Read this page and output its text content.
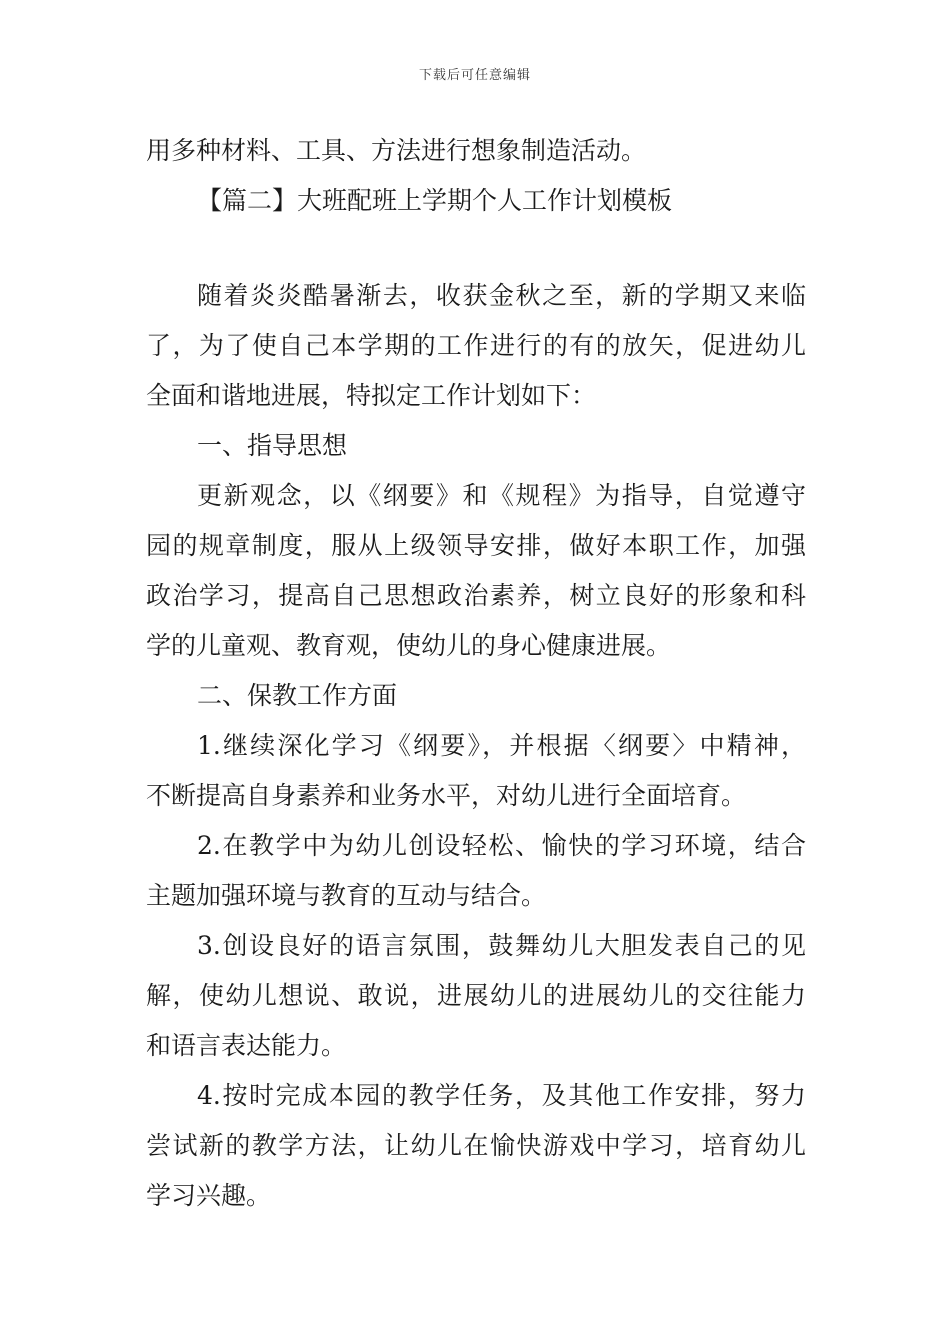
下载后可任意编辑

用多种材料、工具、方法进行想象制造活动。

【篇二】大班配班上学期个人工作计划模板

随着炎炎酷暑渐去，收获金秋之至，新的学期又来临

了，为了使自己本学期的工作进行的有的放矢，促进幼儿

全面和谐地进展，特拟定工作计划如下：

一、指导思想

更新观念，以《纲要》和《规程》为指导，自觉遵守

园的规章制度，服从上级领导安排，做好本职工作，加强

政治学习，提高自己思想政治素养，树立良好的形象和科

学的儿童观、教育观，使幼儿的身心健康进展。

二、保教工作方面

1.继续深化学习《纲要》，并根据〈纲要〉中精神，

不断提高自身素养和业务水平，对幼儿进行全面培育。

2.在教学中为幼儿创设轻松、愉快的学习环境，结合

主题加强环境与教育的互动与结合。

3.创设良好的语言氛围，鼓舞幼儿大胆发表自己的见

解，使幼儿想说、敢说，进展幼儿的进展幼儿的交往能力

和语言表达能力。

4.按时完成本园的教学任务，及其他工作安排，努力

尝试新的教学方法，让幼儿在愉快游戏中学习，培育幼儿

学习兴趣。
